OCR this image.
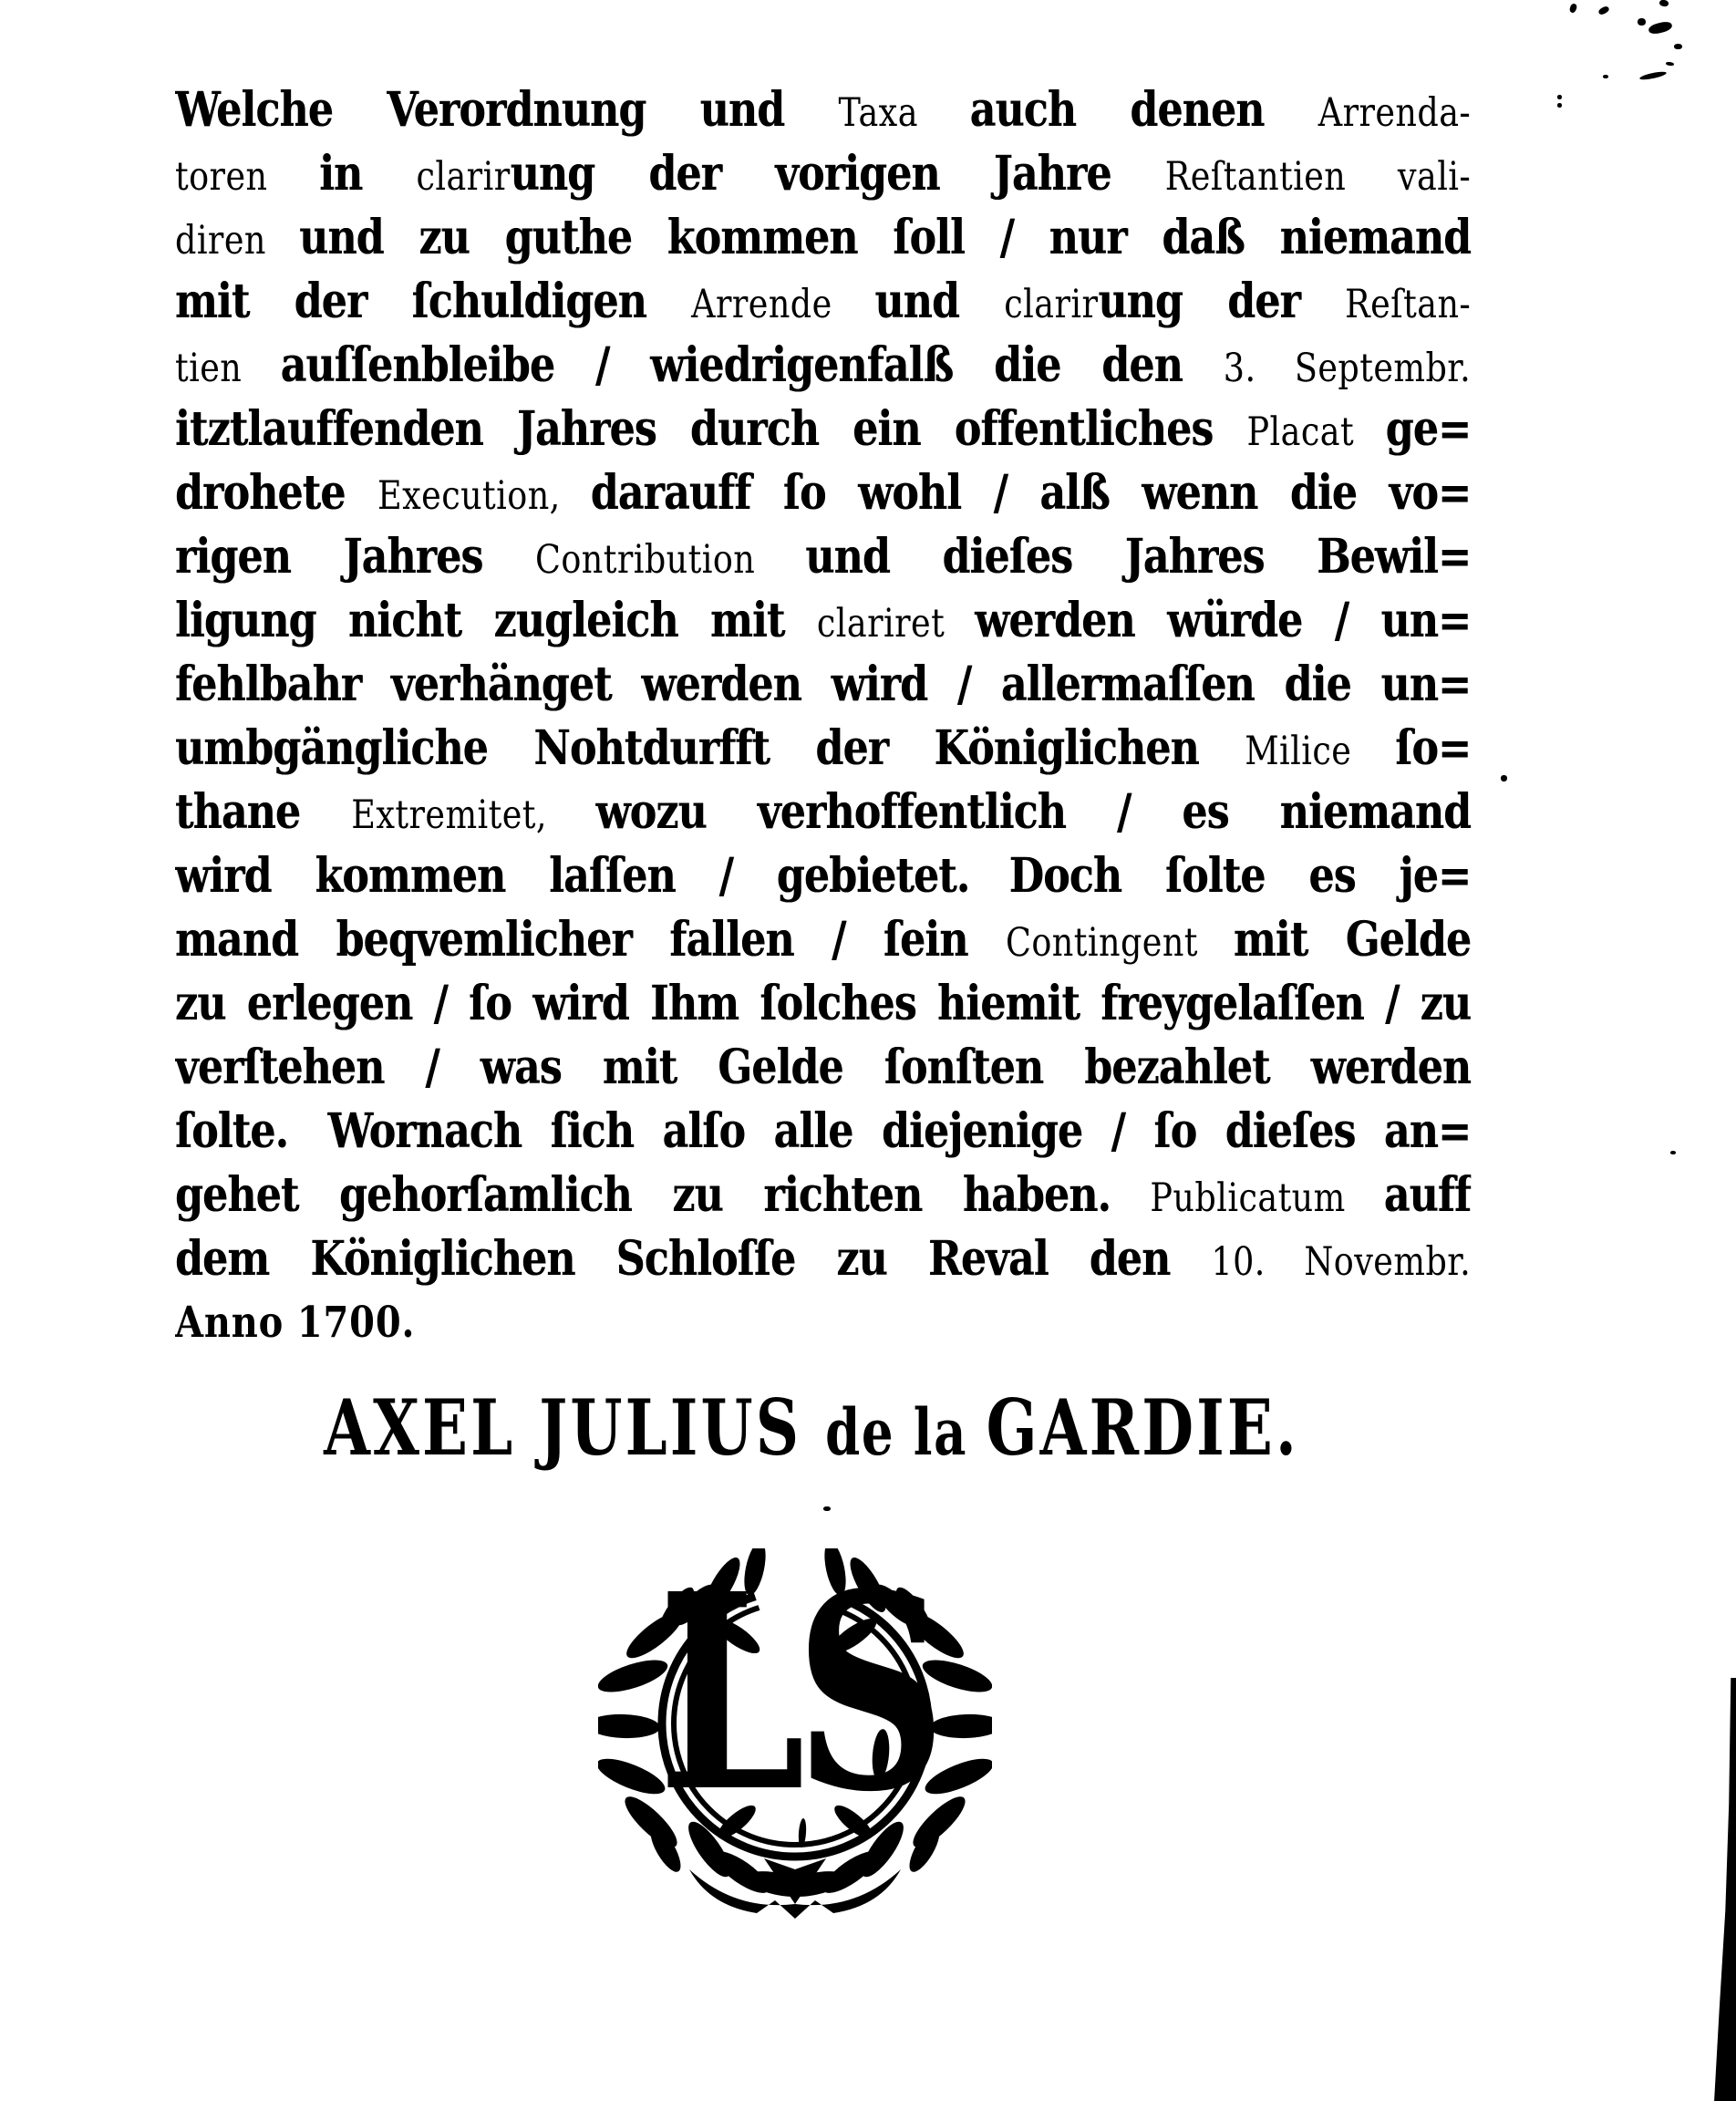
Welche Verordnung und Taxa auch denen Arrenda-
toren in clarirung der vorigen Jahre Reſtantien vali-
diren und zu guthe kommen ſoll / nur daß niemand
mit der ſchuldigen Arrende und clarirung der Reſtan-
tien auſſenbleibe / wiedrigenfalß die den 3. Septembr.
itztlauffenden Jahres durch ein offentliches Placat ge=
drohete Execution, darauff ſo wohl / alß wenn die vo=
rigen Jahres Contribution und dieſes Jahres Bewil=
ligung nicht zugleich mit clariret werden würde / un=
fehlbahr verhänget werden wird / allermaſſen die un=
umbgängliche Nohtdurfft der Königlichen Milice ſo=
thane Extremitet, wozu verhoffentlich / es niemand
wird kommen laſſen / gebietet. Doch ſolte es je=
mand beqvemlicher fallen / ſein Contingent mit Gelde
zu erlegen / ſo wird Ihm ſolches hiemit freygelaſſen / zu
verſtehen / was mit Gelde ſonſten bezahlet werden
ſolte. Wornach ſich alſo alle diejenige / ſo dieſes an=
gehet gehorſamlich zu richten haben. Publicatum auff
dem Königlichen Schloſſe zu Reval den 10. Novembr.
Anno 1700.
AXEL JULIUS de la GARDIE.
LS
